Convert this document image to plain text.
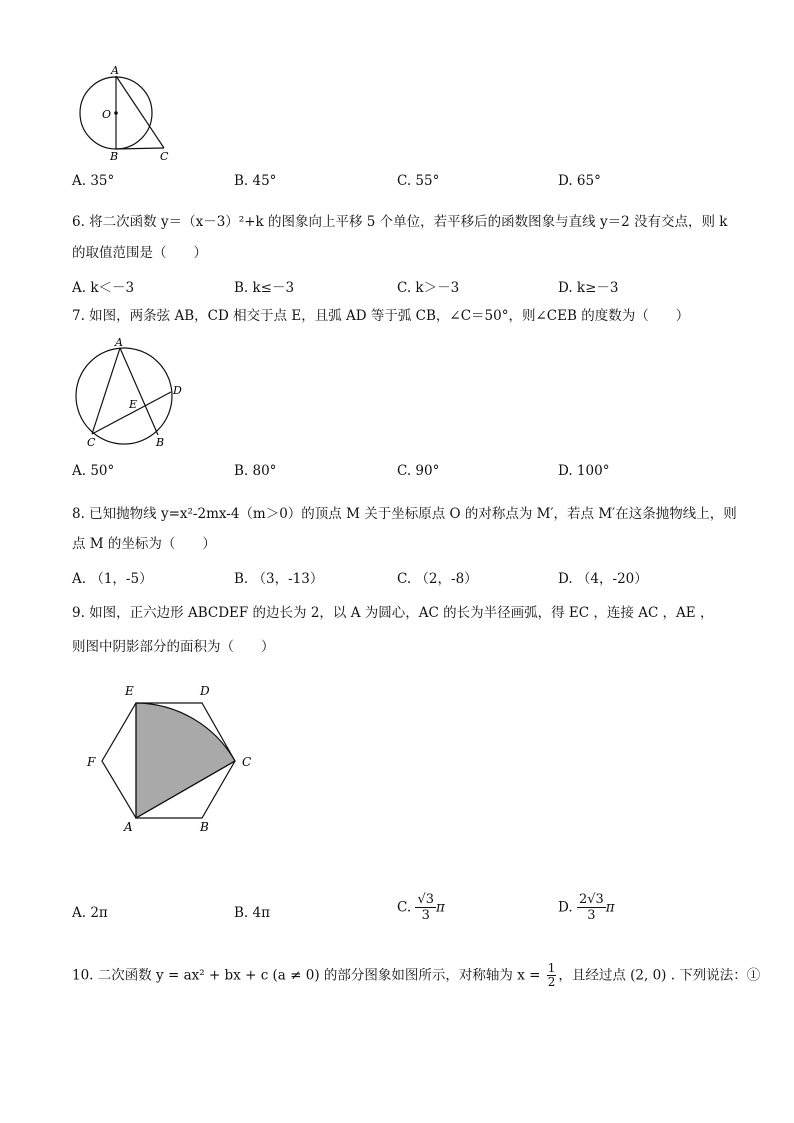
A
O
B	C
A. 35°	B. 45°	C. 55°	D. 65°
6. 将二次函数 y＝（x－3）²+k 的图象向上平移 5 个单位，若平移后的函数图象与直线 y＝2 没有交点，则 k
的取值范围是（　　）
A. k＜－3	B. k≤－3	C. k＞－3	D. k≥－3
7. 如图，两条弦 AB，CD 相交于点 E，且弧 AD 等于弧 CB，∠C＝50°，则∠CEB 的度数为（　　）
A
C
D
E
B
A. 50°	B. 80°	C. 90°	D. 100°
8. 已知抛物线 y=x²-2mx-4（m＞0）的顶点 M 关于坐标原点 O 的对称点为 M′，若点 M′在这条抛物线上，则
点 M 的坐标为（　　）
A. （1，-5）	B. （3，-13）	C. （2，-8）	D. （4，-20）
9. 如图，正六边形 ABCDEF 的边长为 2，以 A 为圆心，AC 的长为半径画弧，得 EC ，连接 AC ，AE ，
则图中阴影部分的面积为（　　）
E	D
F	C
A	B
A. 2π	B. 4π	C. $\frac{√3}{3}$ π	D. $\frac{2√3}{3}$ π
10. 二次函数 y = ax² + bx + c (a ≠ 0) 的部分图象如图所示，对称轴为 $x = \frac{1}{2}$ ，且经过点 (2, 0) . 下列说法：①
